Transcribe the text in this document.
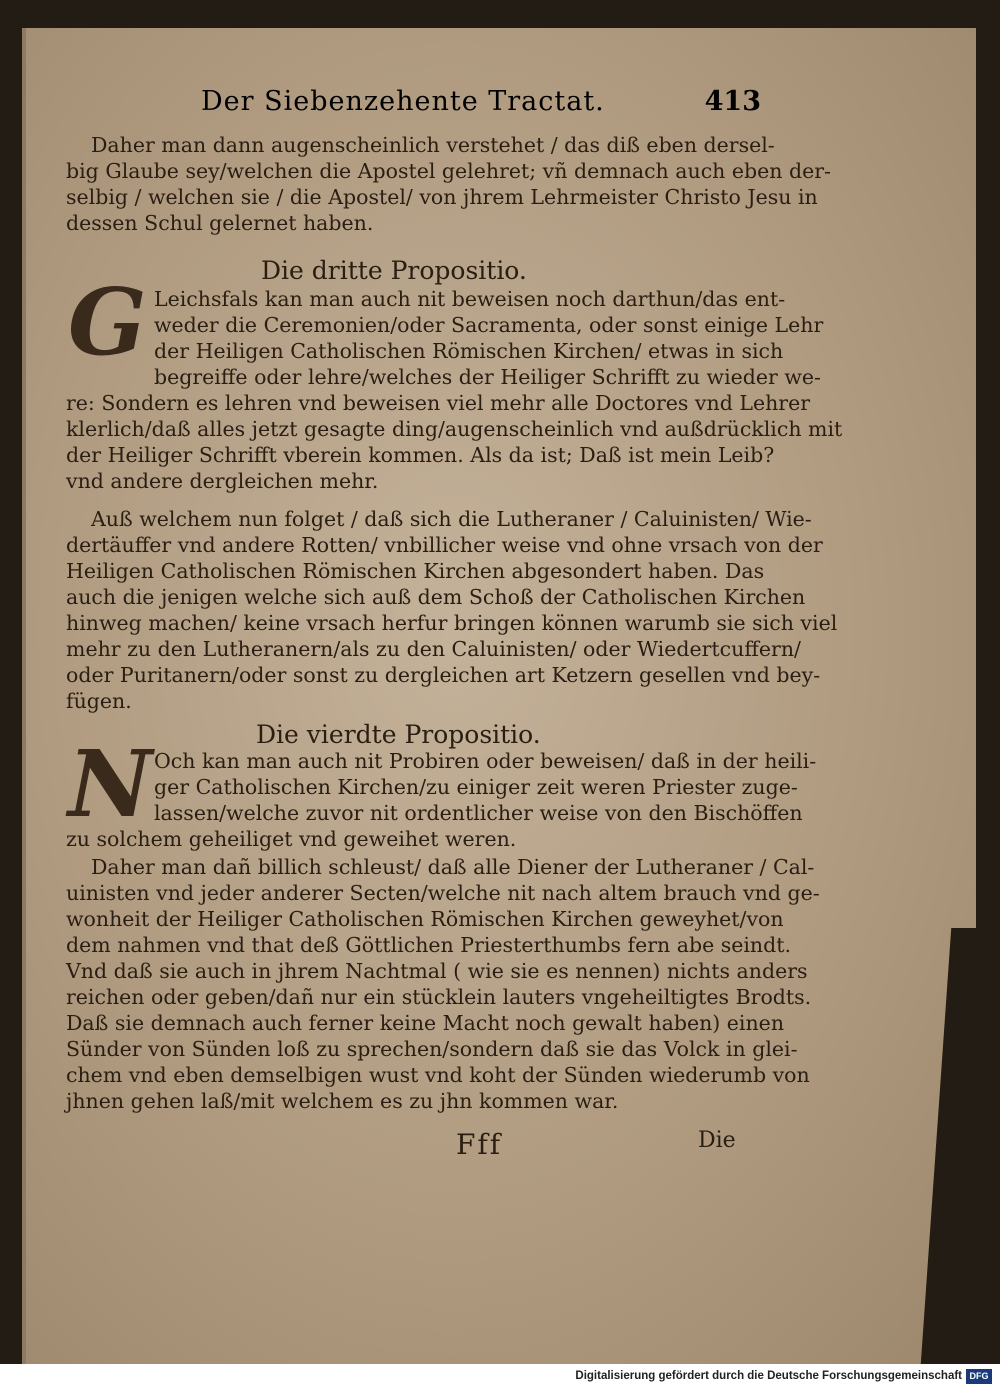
Der Siebenzehente Tractat.	413
Daher man dann augenscheinlich verstehet / das diß eben dersel-
big Glaube sey/welchen die Apostel gelehret; vñ demnach auch eben der-
selbig / welchen sie / die Apostel/ von jhrem Lehrmeister Christo Jesu in
dessen Schul gelernet haben.
Die dritte Propositio.
G Leichsfals kan man auch nit beweisen noch darthun/das ent-
weder die Ceremonien/oder Sacramenta, oder sonst einige Lehr
der Heiligen Catholischen Römischen Kirchen/ etwas in sich
begreiffe oder lehre/welches der Heiliger Schrifft zu wieder we-
re: Sondern es lehren vnd beweisen viel mehr alle Doctores vnd Lehrer
klerlich/daß alles jetzt gesagte ding/augenscheinlich vnd außdrücklich mit
der Heiliger Schrifft vberein kommen. Als da ist; Daß ist mein Leib?
vnd andere dergleichen mehr.
Auß welchem nun folget / daß sich die Lutheraner / Caluinisten/ Wie-
dertäuffer vnd andere Rotten/ vnbillicher weise vnd ohne vrsach von der
Heiligen Catholischen Römischen Kirchen abgesondert haben. Das
auch die jenigen welche sich auß dem Schoß der Catholischen Kirchen
hinweg machen/ keine vrsach herfur bringen können warumb sie sich viel
mehr zu den Lutheranern/als zu den Caluinisten/ oder Wiedertcuffern/
oder Puritanern/oder sonst zu dergleichen art Ketzern gesellen vnd bey-
fügen.
Die vierdte Propositio.
N Och kan man auch nit Probiren oder beweisen/ daß in der heili-
ger Catholischen Kirchen/zu einiger zeit weren Priester zuge-
lassen/welche zuvor nit ordentlicher weise von den Bischöffen
zu solchem geheiliget vnd geweihet weren.
Daher man dañ billich schleust/ daß alle Diener der Lutheraner / Cal-
uinisten vnd jeder anderer Secten/welche nit nach altem brauch vnd ge-
wonheit der Heiliger Catholischen Römischen Kirchen geweyhet/von
dem nahmen vnd that deß Göttlichen Priesterthumbs fern abe seindt.
Vnd daß sie auch in jhrem Nachtmal ( wie sie es nennen) nichts anders
reichen oder geben/dañ nur ein stücklein lauters vngeheiltigtes Brodts.
Daß sie demnach auch ferner keine Macht noch gewalt haben) einen
Sünder von Sünden loß zu sprechen/sondern daß sie das Volck in glei-
chem vnd eben demselbigen wust vnd koht der Sünden wiederumb von
jhnen gehen laß/mit welchem es zu jhn kommen war.
Fff	Die
Digitalisierung gefördert durch die Deutsche Forschungsgemeinschaft DFG
